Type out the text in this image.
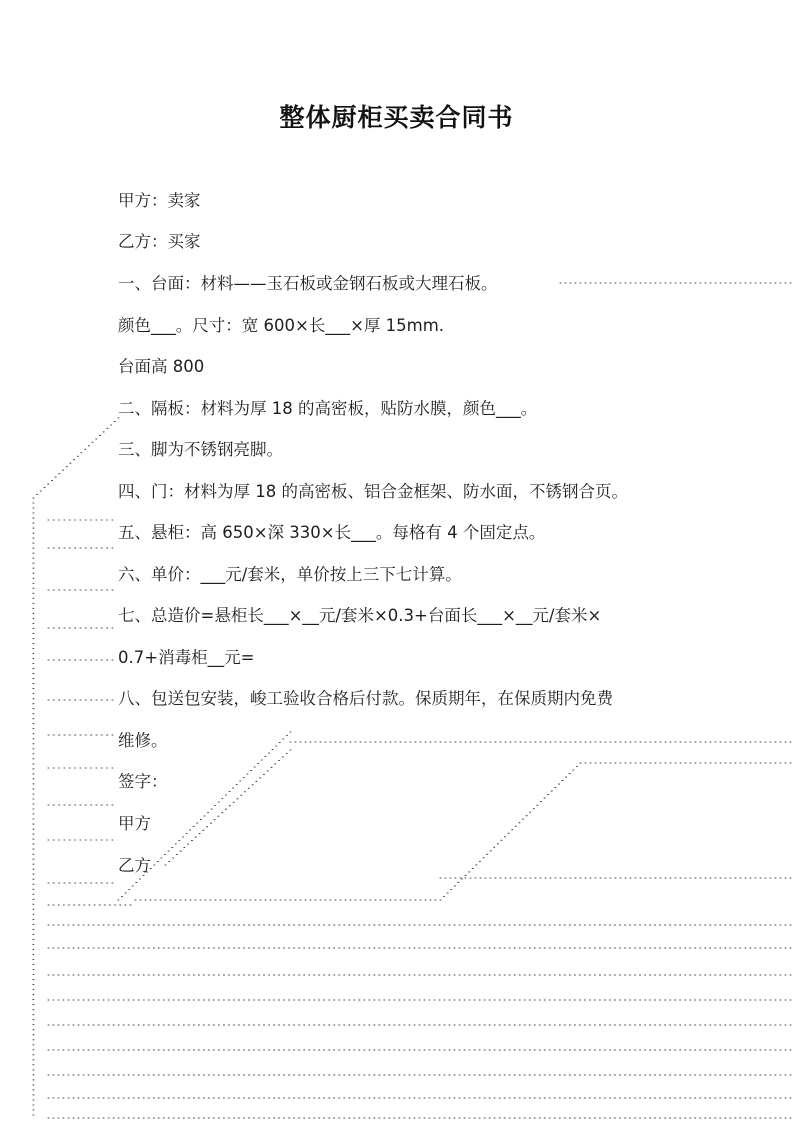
整体厨柜买卖合同书
甲方：卖家
乙方：买家
一、台面：材料——玉石板或金钢石板或大理石板。
颜色___。尺寸：宽 600×长___×厚 15mm.
台面高 800
二、隔板：材料为厚 18 的高密板，贴防水膜，颜色___。
三、脚为不锈钢亮脚。
四、门：材料为厚 18 的高密板、铝合金框架、防水面，不锈钢合页。
五、悬柜：高 650×深 330×长___。每格有 4 个固定点。
六、单价：___元/套米，单价按上三下七计算。
七、总造价=悬柜长___×__元/套米×0.3+台面长___×__元/套米×
0.7+消毒柜__元=
八、包送包安装，峻工验收合格后付款。保质期年，在保质期内免费
维修。
签字：
甲方
乙方
